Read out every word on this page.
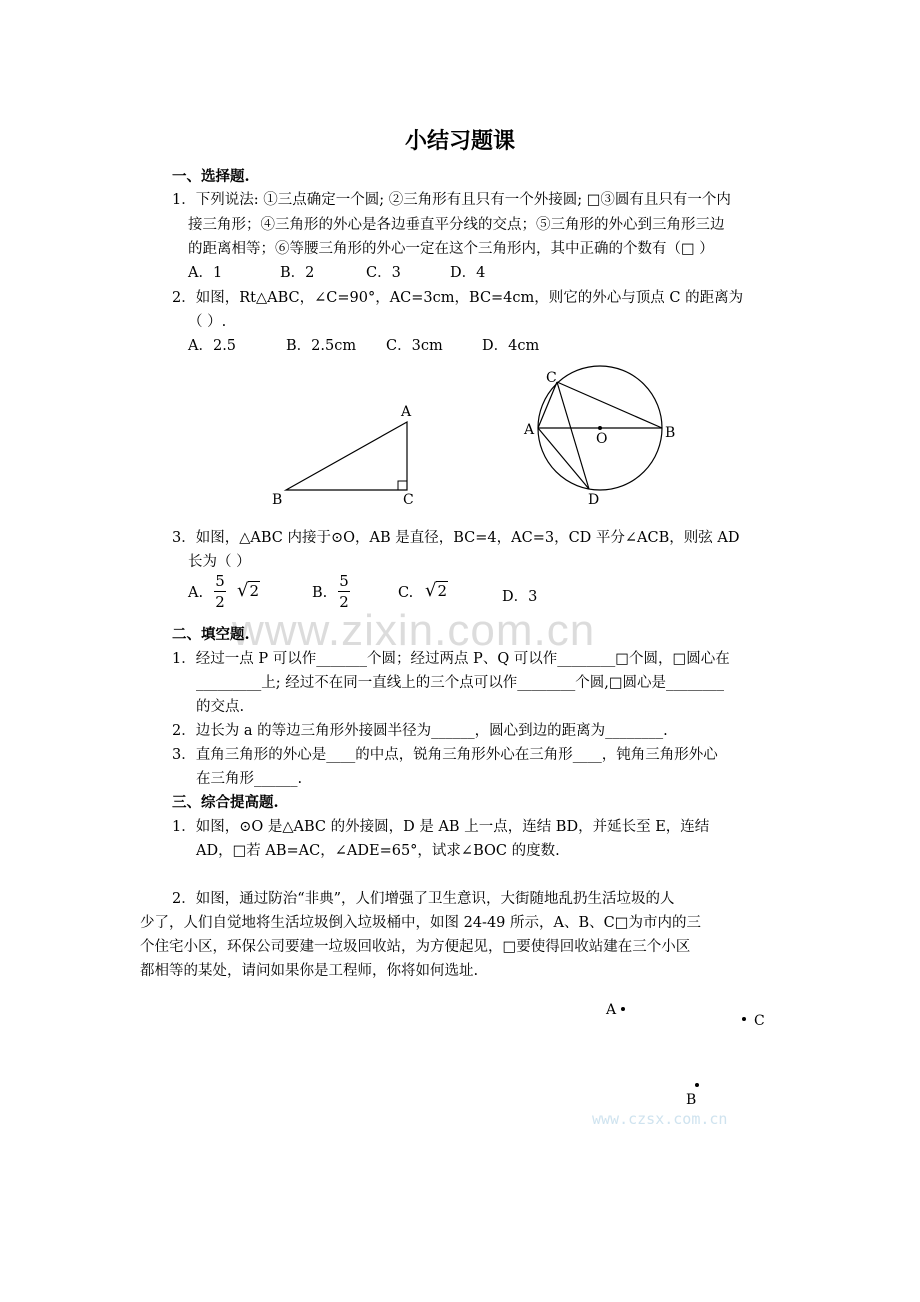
小结习题课
一、选择题.
1．下列说法: ①三点确定一个圆; ②三角形有且只有一个外接圆; □③圆有且只有一个内
接三角形；④三角形的外心是各边垂直平分线的交点；⑤三角形的外心到三角形三边
的距离相等；⑥等腰三角形的外心一定在这个三角形内，其中正确的个数有（□ ）
A．1	B．2	C．3	D．4
2．如图，Rt△ABC，∠C=90°，AC=3cm，BC=4cm，则它的外心与顶点 C 的距离为
（ ）.
A．2.5	B．2.5cm C．3cm	D．4cm
A
B	C
C
A	B
O
D
3．如图，△ABC 内接于⊙O，AB 是直径，BC=4，AC=3，CD 平分∠ACB，则弦 AD
长为（ ）
A.
5
2
√2	B.
5
2	C. √2	D．3
www.zixin.com.cn
二、填空题.
1．经过一点 P 可以作_______个圆；经过两点 P、Q 可以作________□个圆，□圆心在
_________上; 经过不在同一直线上的三个点可以作________个圆,□圆心是________
的交点.
2．边长为 a 的等边三角形外接圆半径为______，圆心到边的距离为________.
3．直角三角形的外心是____的中点，锐角三角形外心在三角形____，钝角三角形外心
在三角形______.
三、综合提高题.
1．如图，⊙O 是△ABC 的外接圆，D 是 AB 上一点，连结 BD，并延长至 E，连结
AD，□若 AB=AC，∠ADE=65°，试求∠BOC 的度数.
2．如图，通过防治“非典”，人们增强了卫生意识，大街随地乱扔生活垃圾的人
少了，人们自觉地将生活垃圾倒入垃圾桶中，如图 24-49 所示，A、B、C□为市内的三
个住宅小区，环保公司要建一垃圾回收站，为方便起见，□要使得回收站建在三个小区
都相等的某处，请问如果你是工程师，你将如何选址.
A
C
B
www.czsx.com.cn
